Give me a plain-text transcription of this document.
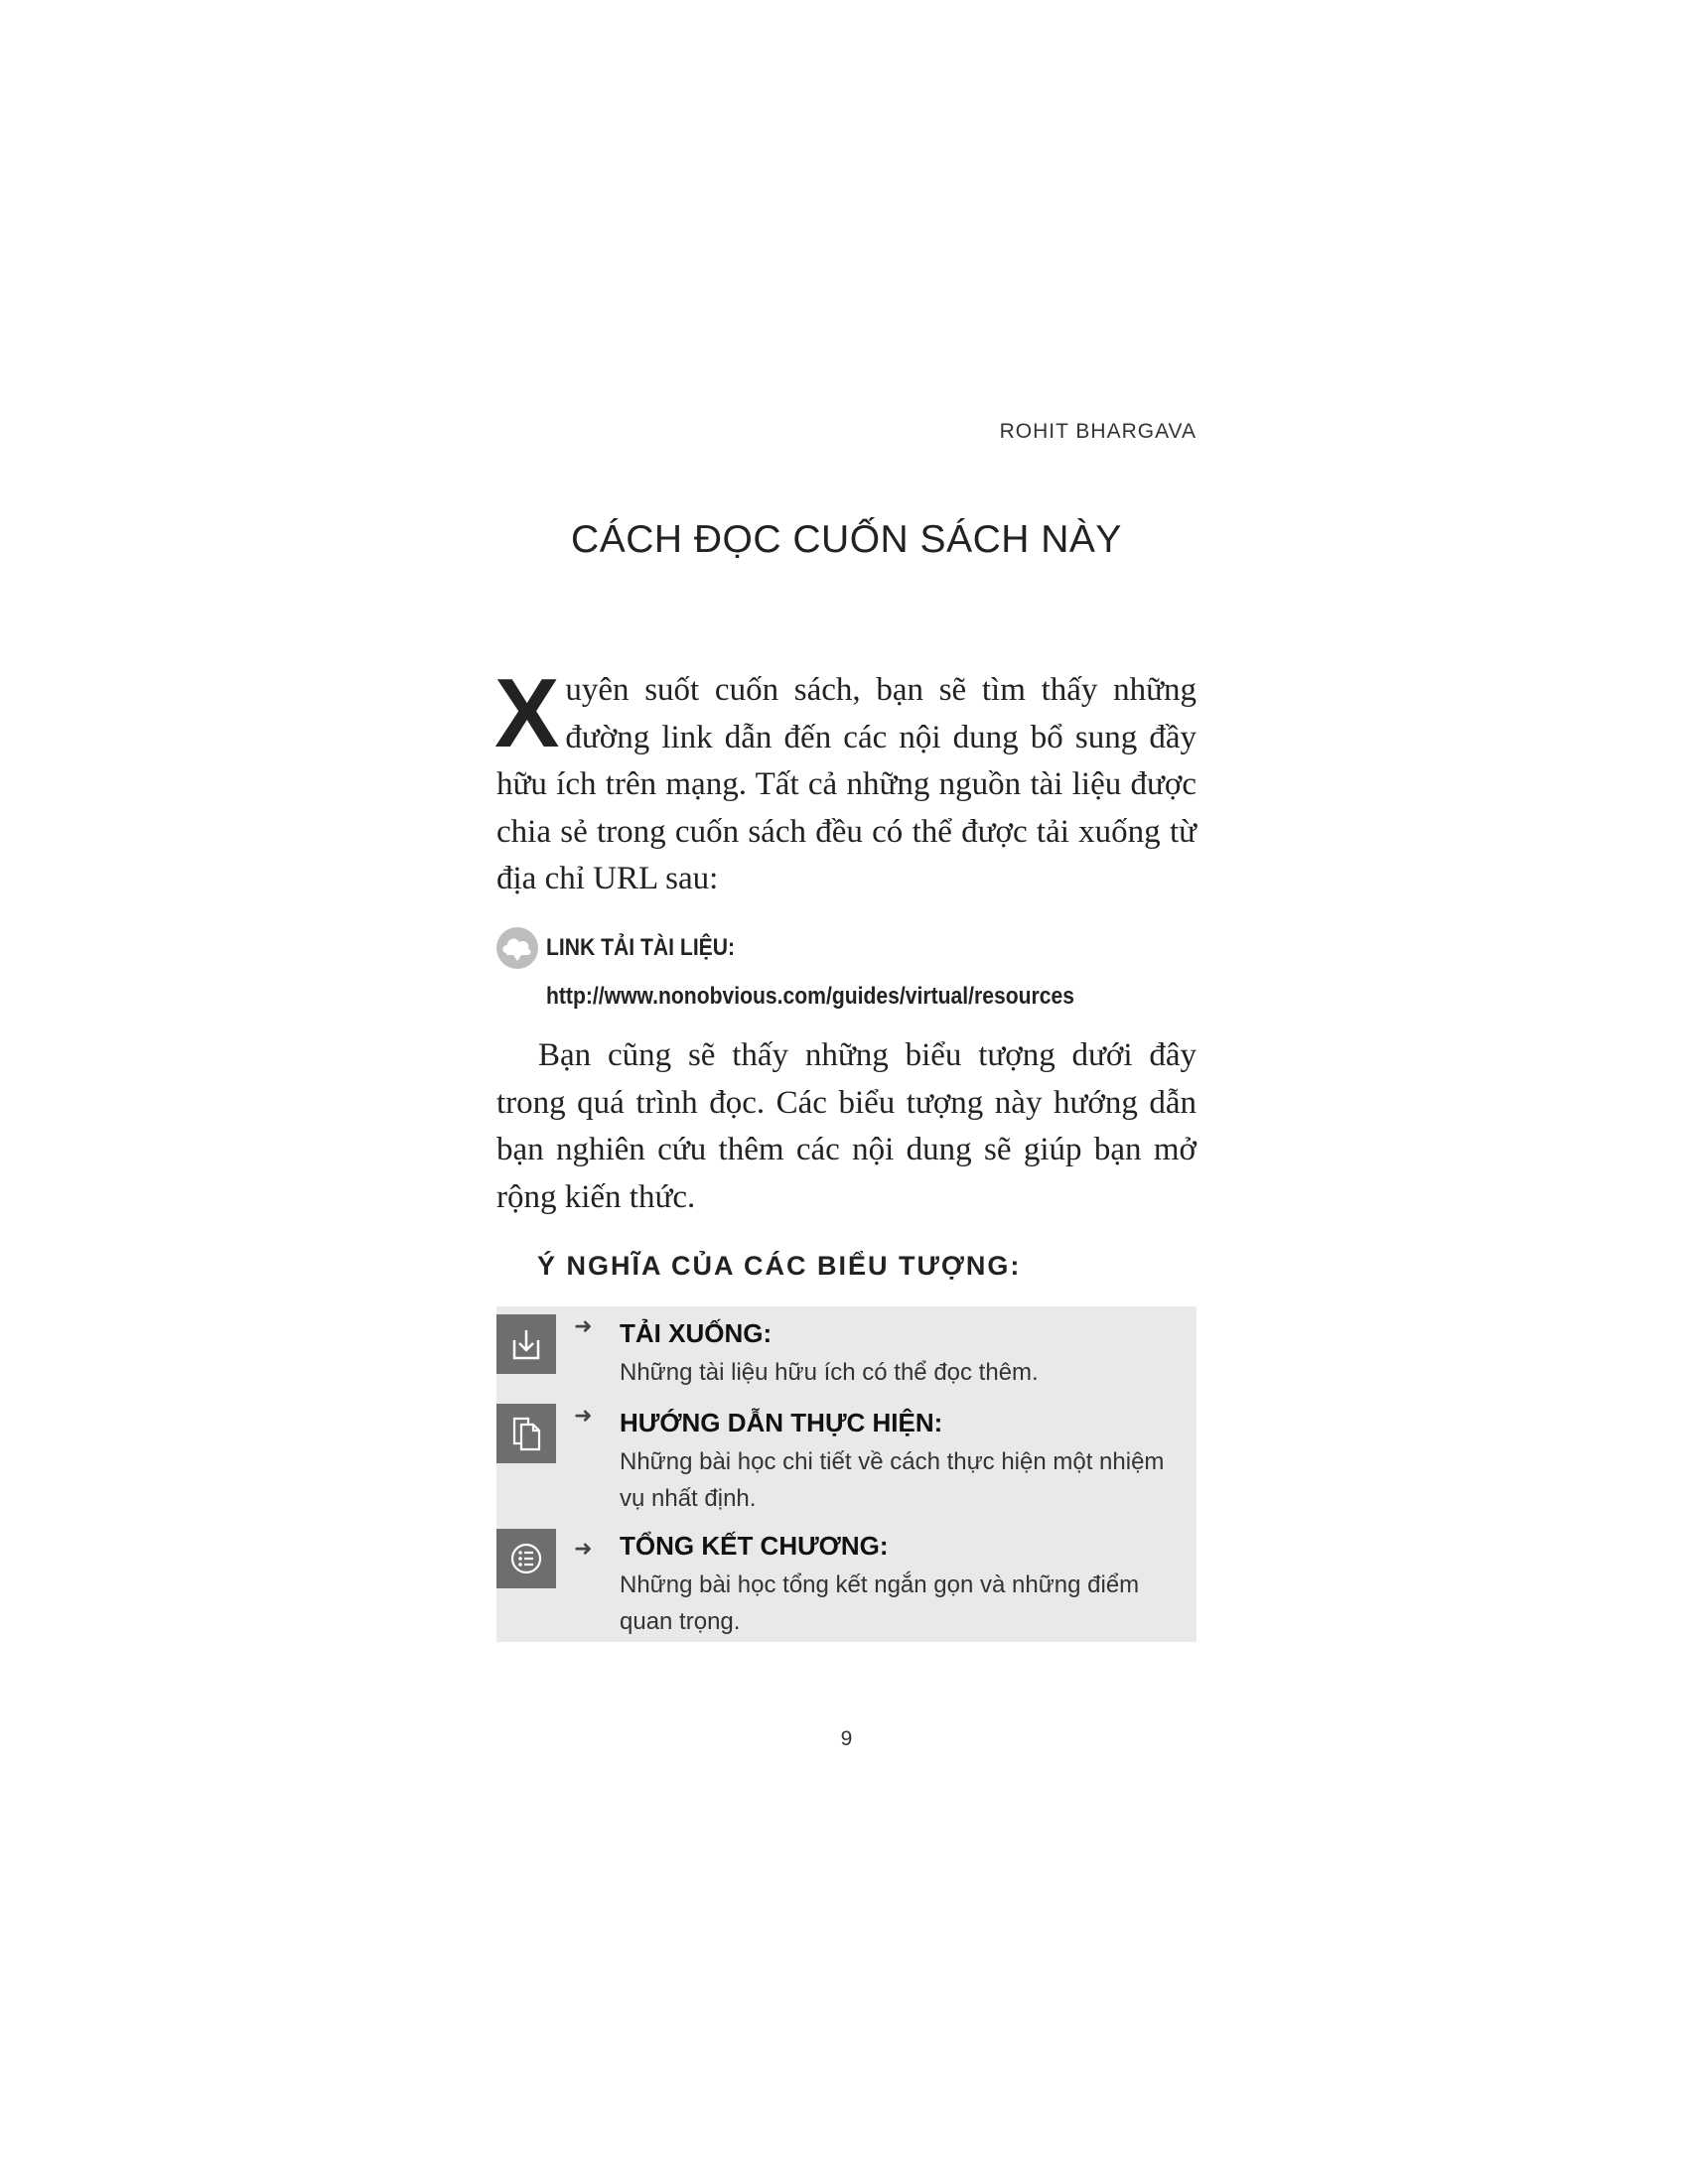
ROHIT BHARGAVA
CÁCH ĐỌC CUỐN SÁCH NÀY

X uyên suốt cuốn sách, bạn sẽ tìm thấy những đường link dẫn đến các nội dung bổ sung đầy hữu ích trên mạng. Tất cả những nguồn tài liệu được chia sẻ trong cuốn sách đều có thể được tải xuống từ địa chỉ URL sau:

LINK TẢI TÀI LIỆU:
http://www.nonobvious.com/guides/virtual/resources

Bạn cũng sẽ thấy những biểu tượng dưới đây trong quá trình đọc. Các biểu tượng này hướng dẫn bạn nghiên cứu thêm các nội dung sẽ giúp bạn mở rộng kiến thức.

Ý NGHĨA CỦA CÁC BIỂU TƯỢNG:
➜ TẢI XUỐNG:
Những tài liệu hữu ích có thể đọc thêm.
➜ HƯỚNG DẪN THỰC HIỆN:
Những bài học chi tiết về cách thực hiện một nhiệm vụ nhất định.
➜ TỔNG KẾT CHƯƠNG:
Những bài học tổng kết ngắn gọn và những điểm quan trọng.
9
